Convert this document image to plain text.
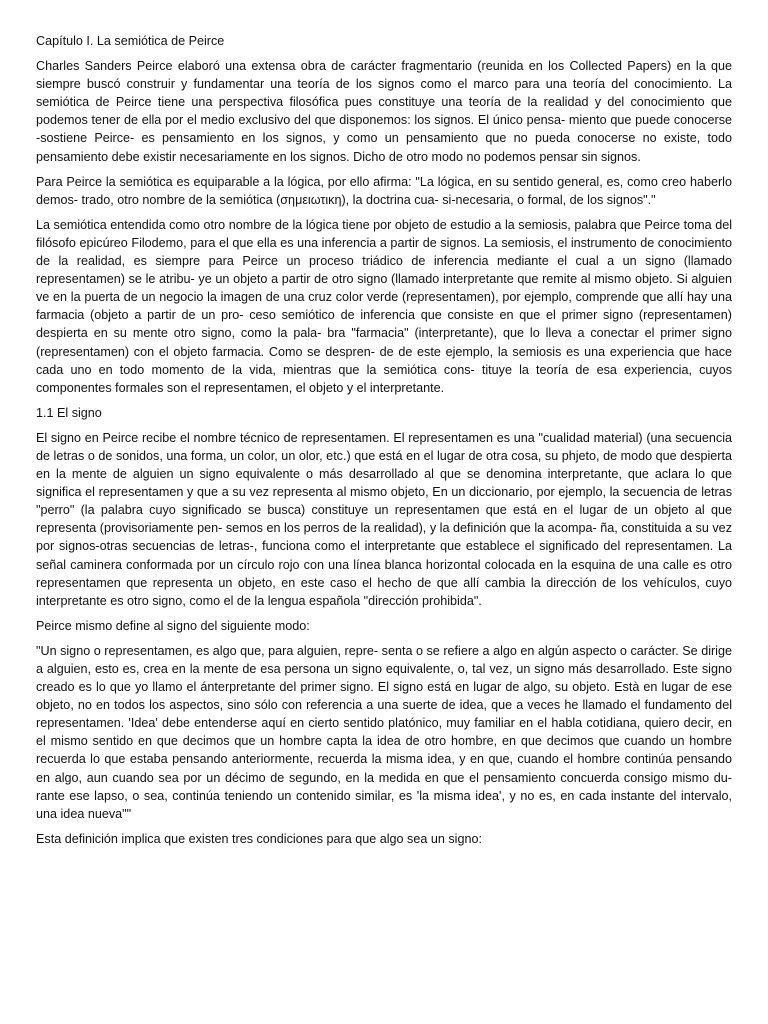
Capítulo I. La semiótica de Peirce

Charles Sanders Peirce elaboró una extensa obra de carácter fragmentario (reunida en los Collected Papers) en la que siempre buscó construir y fundamentar una teoría de los signos como el marco para una teoría del conocimiento. La semiótica de Peirce tiene una perspectiva filosófica pues constituye una teoría de la realidad y del conocimiento que podemos tener de ella por el medio exclusivo del que disponemos: los signos. El único pensa- miento que puede conocerse -sostiene Peirce- es pensamiento en los signos, y como un pensamiento que no pueda conocerse no existe, todo pensamiento debe existir necesariamente en los signos. Dicho de otro modo no podemos pensar sin signos.

Para Peirce la semiótica es equiparable a la lógica, por ello afirma: "La lógica, en su sentido general, es, como creo haberlo demos- trado, otro nombre de la semiótica (σημειωτικη), la doctrina cua- si-necesaria, o formal, de los signos"."

La semiótica entendida como otro nombre de la lógica tiene por objeto de estudio a la semiosis, palabra que Peirce toma del filósofo epicúreo Filodemo, para el que ella es una inferencia a partir de signos. La semiosis, el instrumento de conocimiento de la realidad, es siempre para Peirce un proceso triádico de inferencia mediante el cual a un signo (llamado representamen) se le atribu- ye un objeto a partir de otro signo (llamado interpretante que remite al mismo objeto. Si alguien ve en la puerta de un negocio la imagen de una cruz color verde (representamen), por ejemplo, comprende que allí hay una farmacia (objeto a partir de un pro- ceso semiótico de inferencia que consiste en que el primer signo (representamen) despierta en su mente otro signo, como la pala- bra "farmacia" (interpretante), que lo lleva a conectar el primer signo (representamen) con el objeto farmacia. Como se despren- de de este ejemplo, la semiosis es una experiencia que hace cada uno en todo momento de la vida, mientras que la semiótica cons- tituye la teoría de esa experiencia, cuyos componentes formales son el representamen, el objeto y el interpretante.

1.1 El signo

El signo en Peirce recibe el nombre técnico de representamen. El representamen es una "cualidad material) (una secuencia de letras o de sonidos, una forma, un color, un olor, etc.) que está en el lugar de otra cosa, su phjeto, de modo que despierta en la mente de alguien un signo equivalente o más desarrollado al que se denomina interpretante, que aclara lo que significa el representamen y que a su vez representa al mismo objeto, En un diccionario, por ejemplo, la secuencia de letras "perro" (la palabra cuyo significado se busca) constituye un representamen que está en el lugar de un objeto al que representa (provisoriamente pen- semos en los perros de la realidad), y la definición que la acompa- ña, constituida a su vez por signos-otras secuencias de letras-, funciona como el interpretante que establece el significado del representamen. La señal caminera conformada por un círculo rojo con una línea blanca horizontal colocada en la esquina de una calle es otro representamen que representa un objeto, en este caso el hecho de que allí cambia la dirección de los vehículos, cuyo interpretante es otro signo, como el de la lengua española "dirección prohibida".

Peirce mismo define al signo del siguiente modo:

"Un signo o representamen, es algo que, para alguien, repre- senta o se refiere a algo en algún aspecto o carácter. Se dirige a alguien, esto es, crea en la mente de esa persona un signo equivalente, o, tal vez, un signo más desarrollado. Este signo creado es lo que yo llamo el ánterpretante del primer signo. El signo está en lugar de algo, su objeto. Està en lugar de ese objeto, no en todos los aspectos, sino sólo con referencia a una suerte de idea, que a veces he llamado el fundamento del representamen. 'Idea' debe entenderse aquí en cierto sentido platónico, muy familiar en el habla cotidiana, quiero decir, en el mismo sentido en que decimos que un hombre capta la idea de otro hombre, en que decimos que cuando un hombre recuerda lo que estaba pensando anteriormente, recuerda la misma idea, y en que, cuando el hombre continúa pensando en algo, aun cuando sea por un décimo de segundo, en la medida en que el pensamiento concuerda consigo mismo du- rante ese lapso, o sea, continúa teniendo un contenido similar, es 'la misma idea', y no es, en cada instante del intervalo, una idea nueva""

Esta definición implica que existen tres condiciones para que algo sea un signo:
